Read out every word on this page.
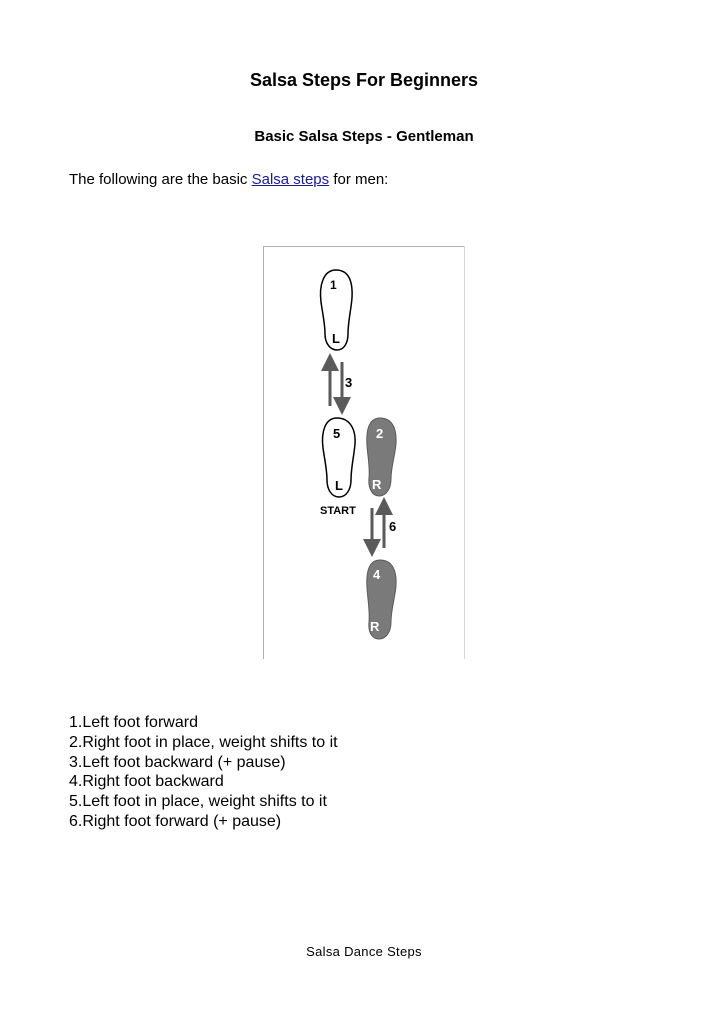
Salsa Steps For Beginners
Basic Salsa Steps - Gentleman
The following are the basic Salsa steps for men:
1
L
3
5
L
2
R
START
6
4
R
1.Left foot forward
2.Right foot in place, weight shifts to it
3.Left foot backward (+ pause)
4.Right foot backward
5.Left foot in place, weight shifts to it
6.Right foot forward (+ pause)
Salsa Dance Steps
